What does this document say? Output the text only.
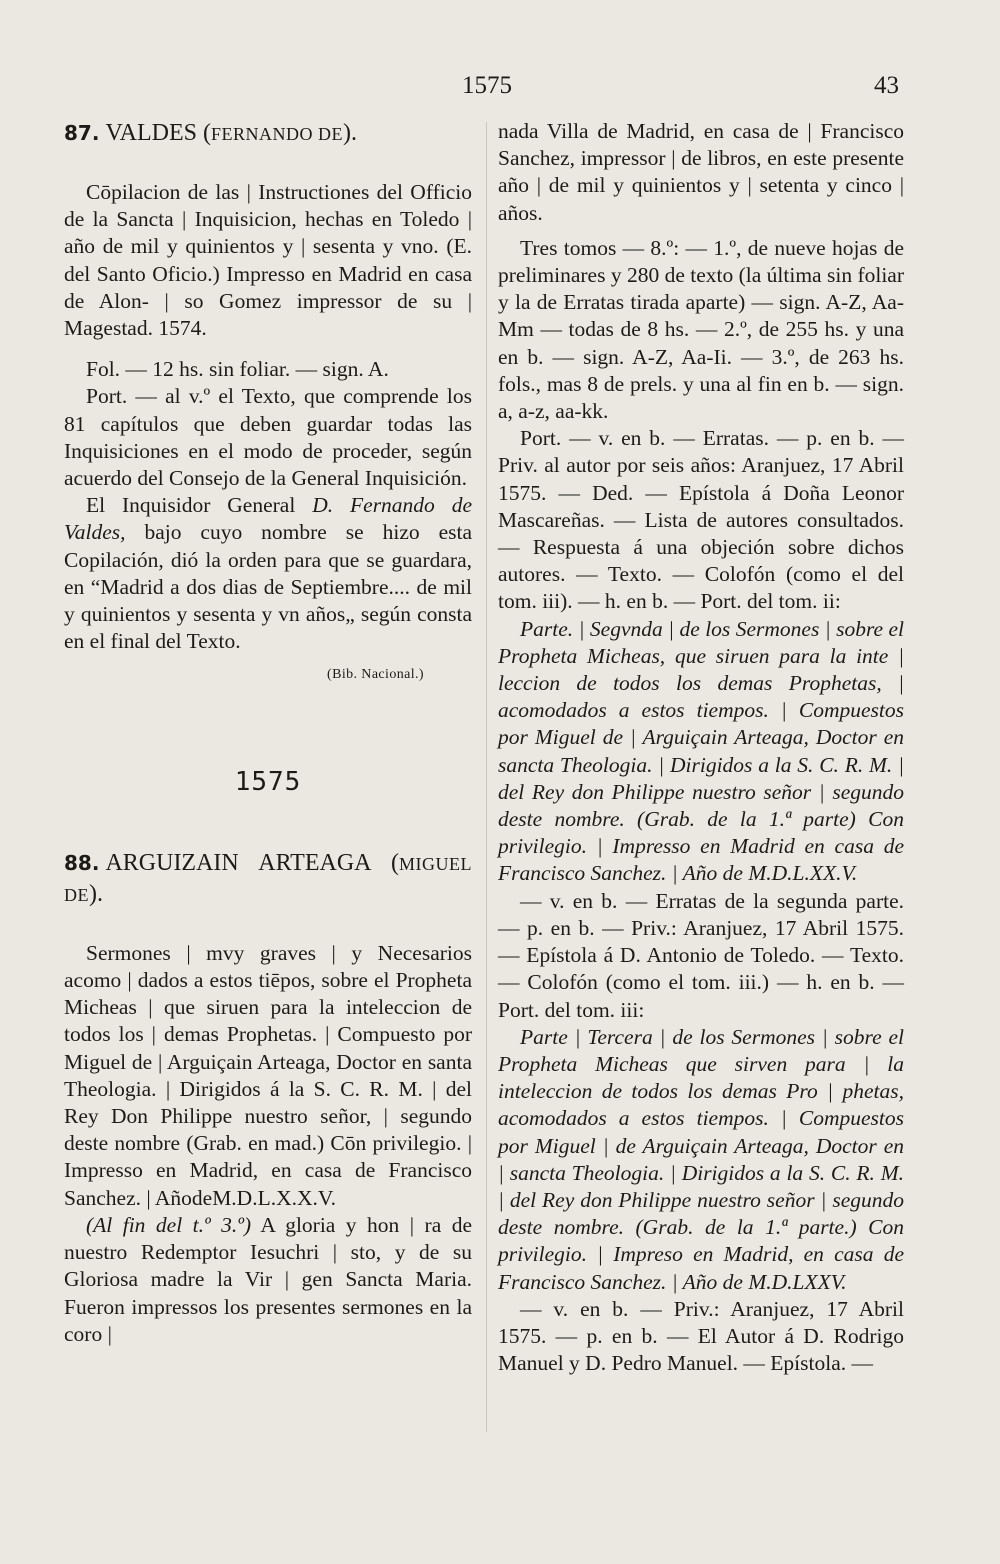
1575	43

87. VALDES (FERNANDO DE).

Cōpilacion de las | Instructiones del Officio de la Sancta | Inquisicion, hechas en Toledo | año de mil y quinientos y | sesenta y vno. (E. del Santo Oficio.) Impresso en Madrid en casa de Alon- | so Gomez impressor de su | Magestad. 1574.

Fol. — 12 hs. sin foliar. — sign. A.

Port. — al v.º el Texto, que comprende los 81 capítulos que deben guardar todas las Inquisiciones en el modo de proceder, según acuerdo del Consejo de la General Inquisición.

El Inquisidor General D. Fernando de Valdes, bajo cuyo nombre se hizo esta Copilación, dió la orden para que se guardara, en “Madrid a dos dias de Septiembre.... de mil y quinientos y sesenta y vn años„ según consta en el final del Texto.

(Bib. Nacional.)

1575

88. ARGUIZAIN ARTEAGA (MIGUEL DE).

Sermones | mvy graves | y Necesarios acomo | dados a estos tiēpos, sobre el Propheta Micheas | que siruen para la inteleccion de todos los | demas Prophetas. | Compuesto por Miguel de | Arguiçain Arteaga, Doctor en santa Theologia. | Dirigidos á la S. C. R. M. | del Rey Don Philippe nuestro señor, | segundo deste nombre (Grab. en mad.) Cōn privilegio. | Impresso en Madrid, en casa de Francisco Sanchez. | AñodeM.D.L.X.X.V.

(Al fin del t.º 3.º) A gloria y hon | ra de nuestro Redemptor Iesuchri | sto, y de su Gloriosa madre la Vir | gen Sancta Maria. Fueron impressos los presentes sermones en la coro |

nada Villa de Madrid, en casa de | Francisco Sanchez, impressor | de libros, en este presente año | de mil y quinientos y | setenta y cinco | años.

Tres tomos — 8.º: — 1.º, de nueve hojas de preliminares y 280 de texto (la última sin foliar y la de Erratas tirada aparte) — sign. A-Z, Aa-Mm — todas de 8 hs. — 2.º, de 255 hs. y una en b. — sign. A-Z, Aa-Ii. — 3.º, de 263 hs. fols., mas 8 de prels. y una al fin en b. — sign. a, a-z, aa-kk.

Port. — v. en b. — Erratas. — p. en b. — Priv. al autor por seis años: Aranjuez, 17 Abril 1575. — Ded. — Epístola á Doña Leonor Mascareñas. — Lista de autores consultados. — Respuesta á una objeción sobre dichos autores. — Texto. — Colofón (como el del tom. iii). — h. en b. — Port. del tom. ii:

Parte. | Segvnda | de los Sermones | sobre el Propheta Micheas, que siruen para la inte | leccion de todos los demas Prophetas, | acomodados a estos tiempos. | Compuestos por Miguel de | Arguiçain Arteaga, Doctor en sancta Theologia. | Dirigidos a la S. C. R. M. | del Rey don Philippe nuestro señor | segundo deste nombre. (Grab. de la 1.ª parte) Con privilegio. | Impresso en Madrid en casa de Francisco Sanchez. | Año de M.D.L.XX.V.

— v. en b. — Erratas de la segunda parte. — p. en b. — Priv.: Aranjuez, 17 Abril 1575. — Epístola á D. Antonio de Toledo. — Texto. — Colofón (como el tom. iii.) — h. en b. — Port. del tom. iii:

Parte | Tercera | de los Sermones | sobre el Propheta Micheas que sirven para | la inteleccion de todos los demas Pro | phetas, acomodados a estos tiempos. | Compuestos por Miguel | de Arguiçain Arteaga, Doctor en | sancta Theologia. | Dirigidos a la S. C. R. M. | del Rey don Philippe nuestro señor | segundo deste nombre. (Grab. de la 1.ª parte.) Con privilegio. | Impreso en Madrid, en casa de Francisco Sanchez. | Año de M.D.LXXV.

— v. en b. — Priv.: Aranjuez, 17 Abril 1575. — p. en b. — El Autor á D. Rodrigo Manuel y D. Pedro Manuel. — Epístola. —
